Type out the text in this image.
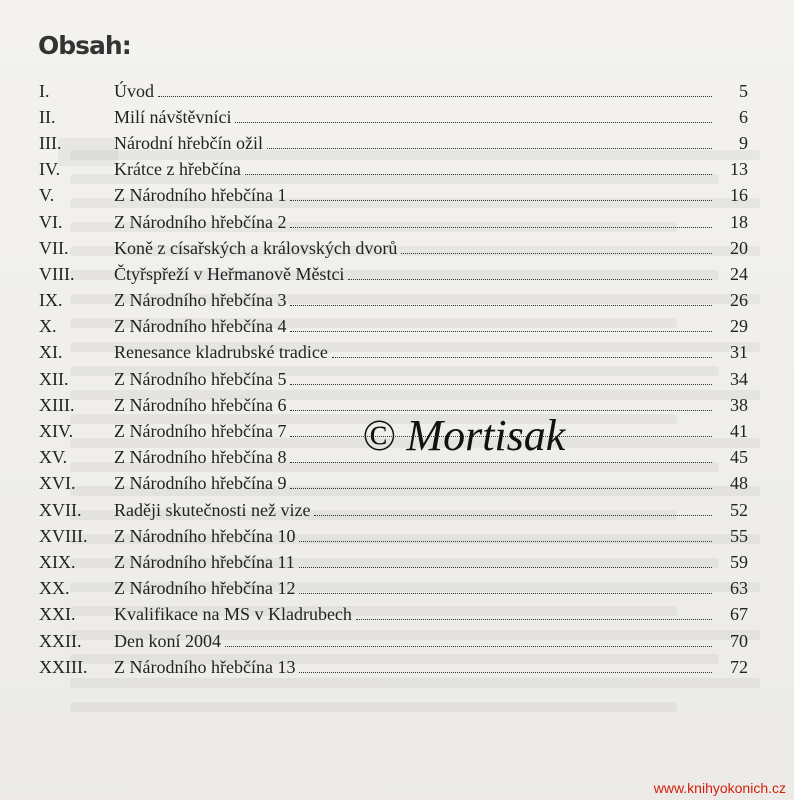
Obsah:
I.	Úvod	5
II.	Milí návštěvníci	6
III.	Národní hřebčín ožil	9
IV.	Krátce z hřebčína	13
V.	Z Národního hřebčína 1	16
VI.	Z Národního hřebčína 2	18
VII.	Koně z císařských a královských dvorů	20
VIII.	Čtyřspřeží v Heřmanově Městci	24
IX.	Z Národního hřebčína 3	26
X.	Z Národního hřebčína 4	29
XI.	Renesance kladrubské tradice	31
XII.	Z Národního hřebčína 5	34
XIII.	Z Národního hřebčína 6	38
XIV.	Z Národního hřebčína 7	41
XV.	Z Národního hřebčína 8	45
XVI.	Z Národního hřebčína 9	48
XVII.	Raději skutečnosti než vize	52
XVIII.	Z Národního hřebčína 10	55
XIX.	Z Národního hřebčína 11	59
XX.	Z Národního hřebčína 12	63
XXI.	Kvalifikace na MS v Kladrubech	67
XXII.	Den koní 2004	70
XXIII.	Z Národního hřebčína 13	72
© Mortisak
www.knihyokonich.cz
